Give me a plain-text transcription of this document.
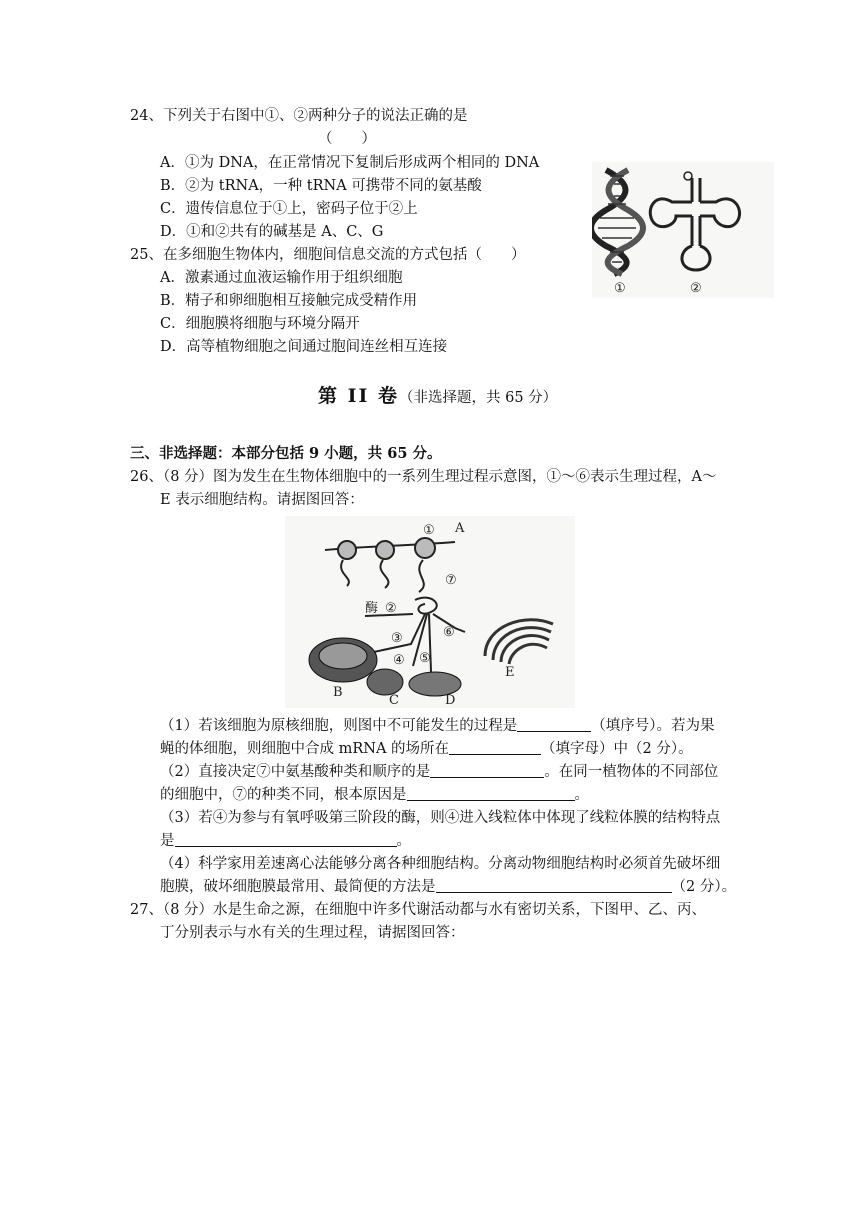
24、下列关于右图中①、②两种分子的说法正确的是
（　　）
A．①为 DNA，在正常情况下复制后形成两个相同的 DNA
B．②为 tRNA，一种 tRNA 可携带不同的氨基酸
C．遗传信息位于①上，密码子位于②上
D．①和②共有的碱基是 A、C、G
①	②
25、在多细胞生物体内，细胞间信息交流的方式包括（　　）
A．激素通过血液运输作用于组织细胞
B．精子和卵细胞相互接触完成受精作用
C．细胞膜将细胞与环境分隔开
D．高等植物细胞之间通过胞间连丝相互连接
第 II 卷（非选择题，共 65 分）
三、非选择题：本部分包括 9 小题，共 65 分。
26、（8 分）图为发生在生物体细胞中的一系列生理过程示意图，①～⑥表示生理过程，A～
E 表示细胞结构。请据图回答：
① A
⑦
酶 ②
③
④ ⑤
⑥
B
C	D
E
（1）若该细胞为原核细胞，则图中不可能发生的过程是	（填序号）。若为果
蝇的体细胞，则细胞中合成 mRNA 的场所在	（填字母）中（2 分）。
（2）直接决定⑦中氨基酸种类和顺序的是	。在同一植物体的不同部位
的细胞中，⑦的种类不同，根本原因是	。
（3）若④为参与有氧呼吸第三阶段的酶，则④进入线粒体中体现了线粒体膜的结构特点
是	。
（4）科学家用差速离心法能够分离各种细胞结构。分离动物细胞结构时必须首先破坏细
胞膜，破坏细胞膜最常用、最简便的方法是	（2 分）。
27、（8 分）水是生命之源，在细胞中许多代谢活动都与水有密切关系，下图甲、乙、丙、
丁分别表示与水有关的生理过程，请据图回答：
